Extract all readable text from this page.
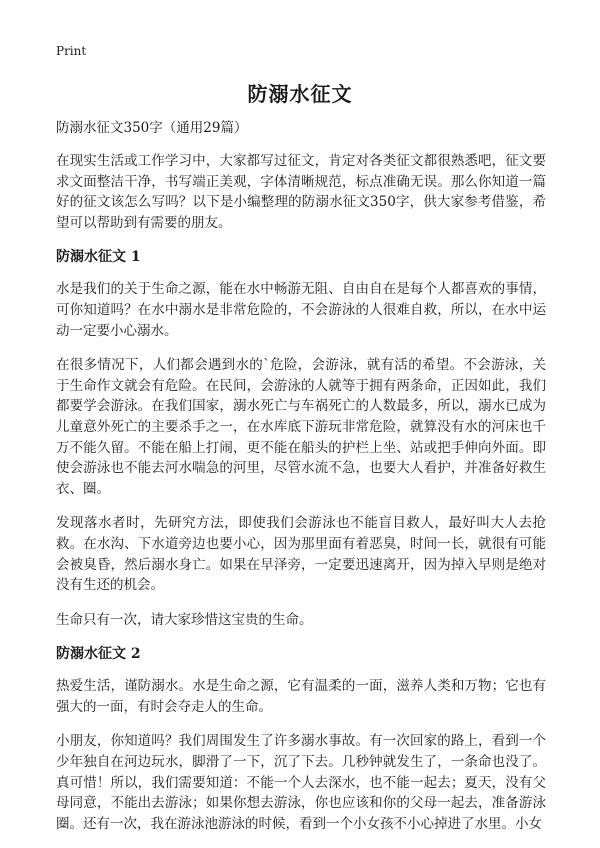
Print
防溺水征文
防溺水征文350字（通用29篇）

在现实生活或工作学习中，大家都写过征文，肯定对各类征文都很熟悉吧，征文要求文面整洁干净，书写端正美观，字体清晰规范，标点准确无误。那么你知道一篇好的征文该怎么写吗？以下是小编整理的防溺水征文350字，供大家参考借鉴，希望可以帮助到有需要的朋友。

防溺水征文 1

水是我们的关于生命之源，能在水中畅游无阻、自由自在是每个人都喜欢的事情，可你知道吗？在水中溺水是非常危险的，不会游泳的人很难自救，所以，在水中运动一定要小心溺水。

在很多情况下，人们都会遇到水的`危险，会游泳，就有活的希望。不会游泳，关于生命作文就会有危险。在民间，会游泳的人就等于拥有两条命，正因如此，我们都要学会游泳。在我们国家，溺水死亡与车祸死亡的人数最多，所以，溺水已成为儿童意外死亡的主要杀手之一，在水库底下游玩非常危险，就算没有水的河床也千万不能久留。不能在船上打闹，更不能在船头的护栏上坐、站或把手伸向外面。即使会游泳也不能去河水喘急的河里，尽管水流不急，也要大人看护，并准备好救生衣、圈。

发现落水者时，先研究方法，即使我们会游泳也不能盲目救人，最好叫大人去抢救。在水沟、下水道旁边也要小心，因为那里面有着恶臭，时间一长，就很有可能会被臭昏，然后溺水身亡。如果在早泽旁，一定要迅速离开，因为掉入早则是绝对没有生还的机会。

生命只有一次，请大家珍惜这宝贵的生命。

防溺水征文 2

热爱生活，谨防溺水。水是生命之源，它有温柔的一面，滋养人类和万物；它也有强大的一面，有时会夺走人的生命。

小朋友，你知道吗？我们周围发生了许多溺水事故。有一次回家的路上，看到一个少年独自在河边玩水，脚滑了一下，沉了下去。几秒钟就发生了，一条命也没了。真可惜！所以，我们需要知道：不能一个人去深水，也不能一起去；夏天，没有父母同意，不能出去游泳；如果你想去游泳，你也应该和你的父母一起去，准备游泳圈。还有一次，我在游泳池游泳的时候，看到一个小女孩不小心掉进了水里。小女
